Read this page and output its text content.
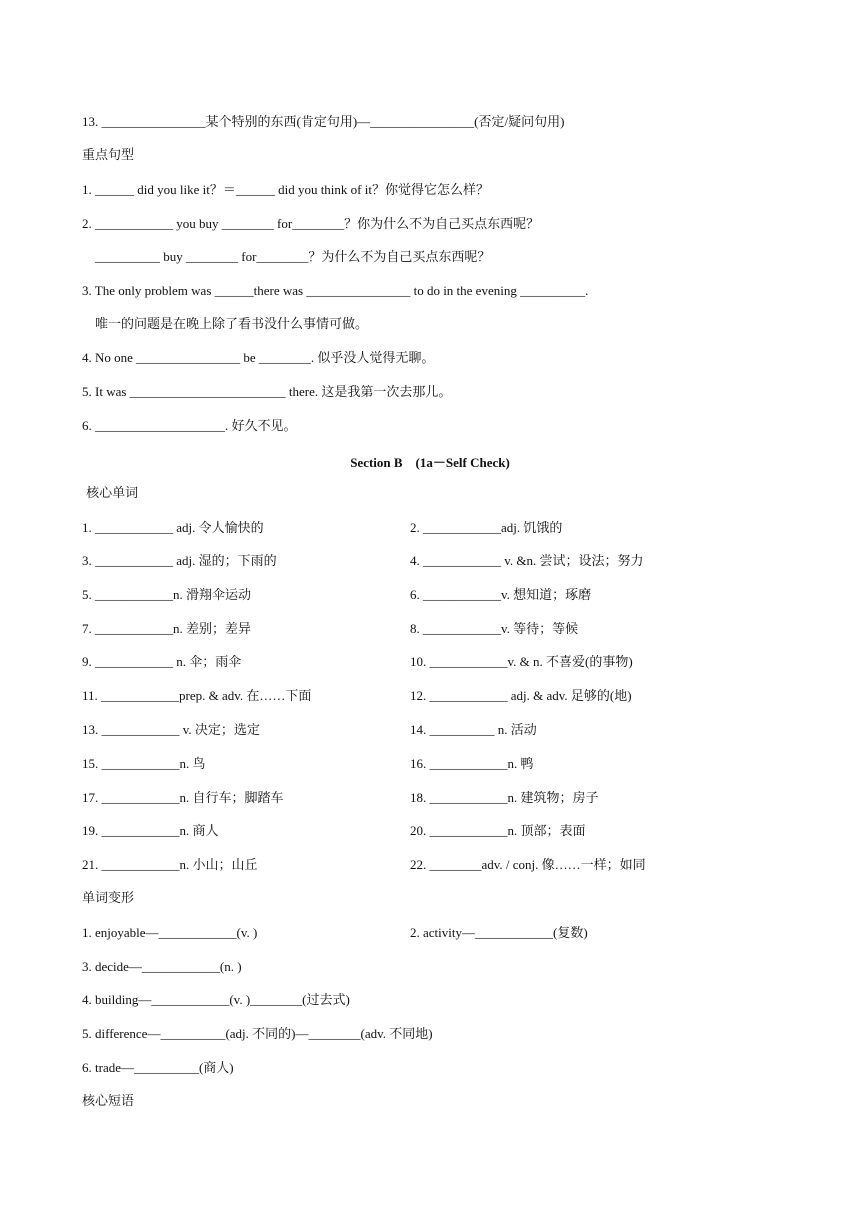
13. ________________某个特别的东西(肯定句用)—________________(否定/疑问句用)
重点句型
1. ______ did you like it？＝______ did you think of it？你觉得它怎么样？
2. ____________ you buy ________ for________？你为什么不为自己买点东西呢？
__________ buy ________ for________？为什么不为自己买点东西呢？
3. The only problem was ______there was ________________ to do in the evening __________.
唯一的问题是在晚上除了看书没什么事情可做。
4. No one ________________ be ________. 似乎没人觉得无聊。
5. It was ________________________ there. 这是我第一次去那儿。
6. ____________________. 好久不见。
Section B　(1a－Self Check)
核心单词
1. ____________ adj. 令人愉快的	2. ____________adj. 饥饿的
3. ____________ adj. 湿的；下雨的	4. ____________ v. &n. 尝试；设法；努力
5. ____________n. 滑翔伞运动	6. ____________v. 想知道；琢磨
7. ____________n. 差别；差异	8. ____________v. 等待；等候
9. ____________ n. 伞；雨伞	10. ____________v. & n. 不喜爱(的事物)
11. ____________prep. & adv. 在……下面	12. ____________ adj. & adv. 足够的(地)
13. ____________ v. 决定；选定	14. __________ n. 活动
15. ____________n. 鸟	16. ____________n. 鸭
17. ____________n. 自行车；脚踏车	18. ____________n. 建筑物；房子
19. ____________n. 商人	20. ____________n. 顶部；表面
21. ____________n. 小山；山丘	22. ________adv. / conj. 像……一样；如同
单词变形
1. enjoyable—____________(v. )	2. activity—____________(复数)
3. decide—____________(n. )
4. building—____________(v. )________(过去式)
5. difference—__________(adj. 不同的)—________(adv. 不同地)
6. trade—__________(商人)
核心短语
